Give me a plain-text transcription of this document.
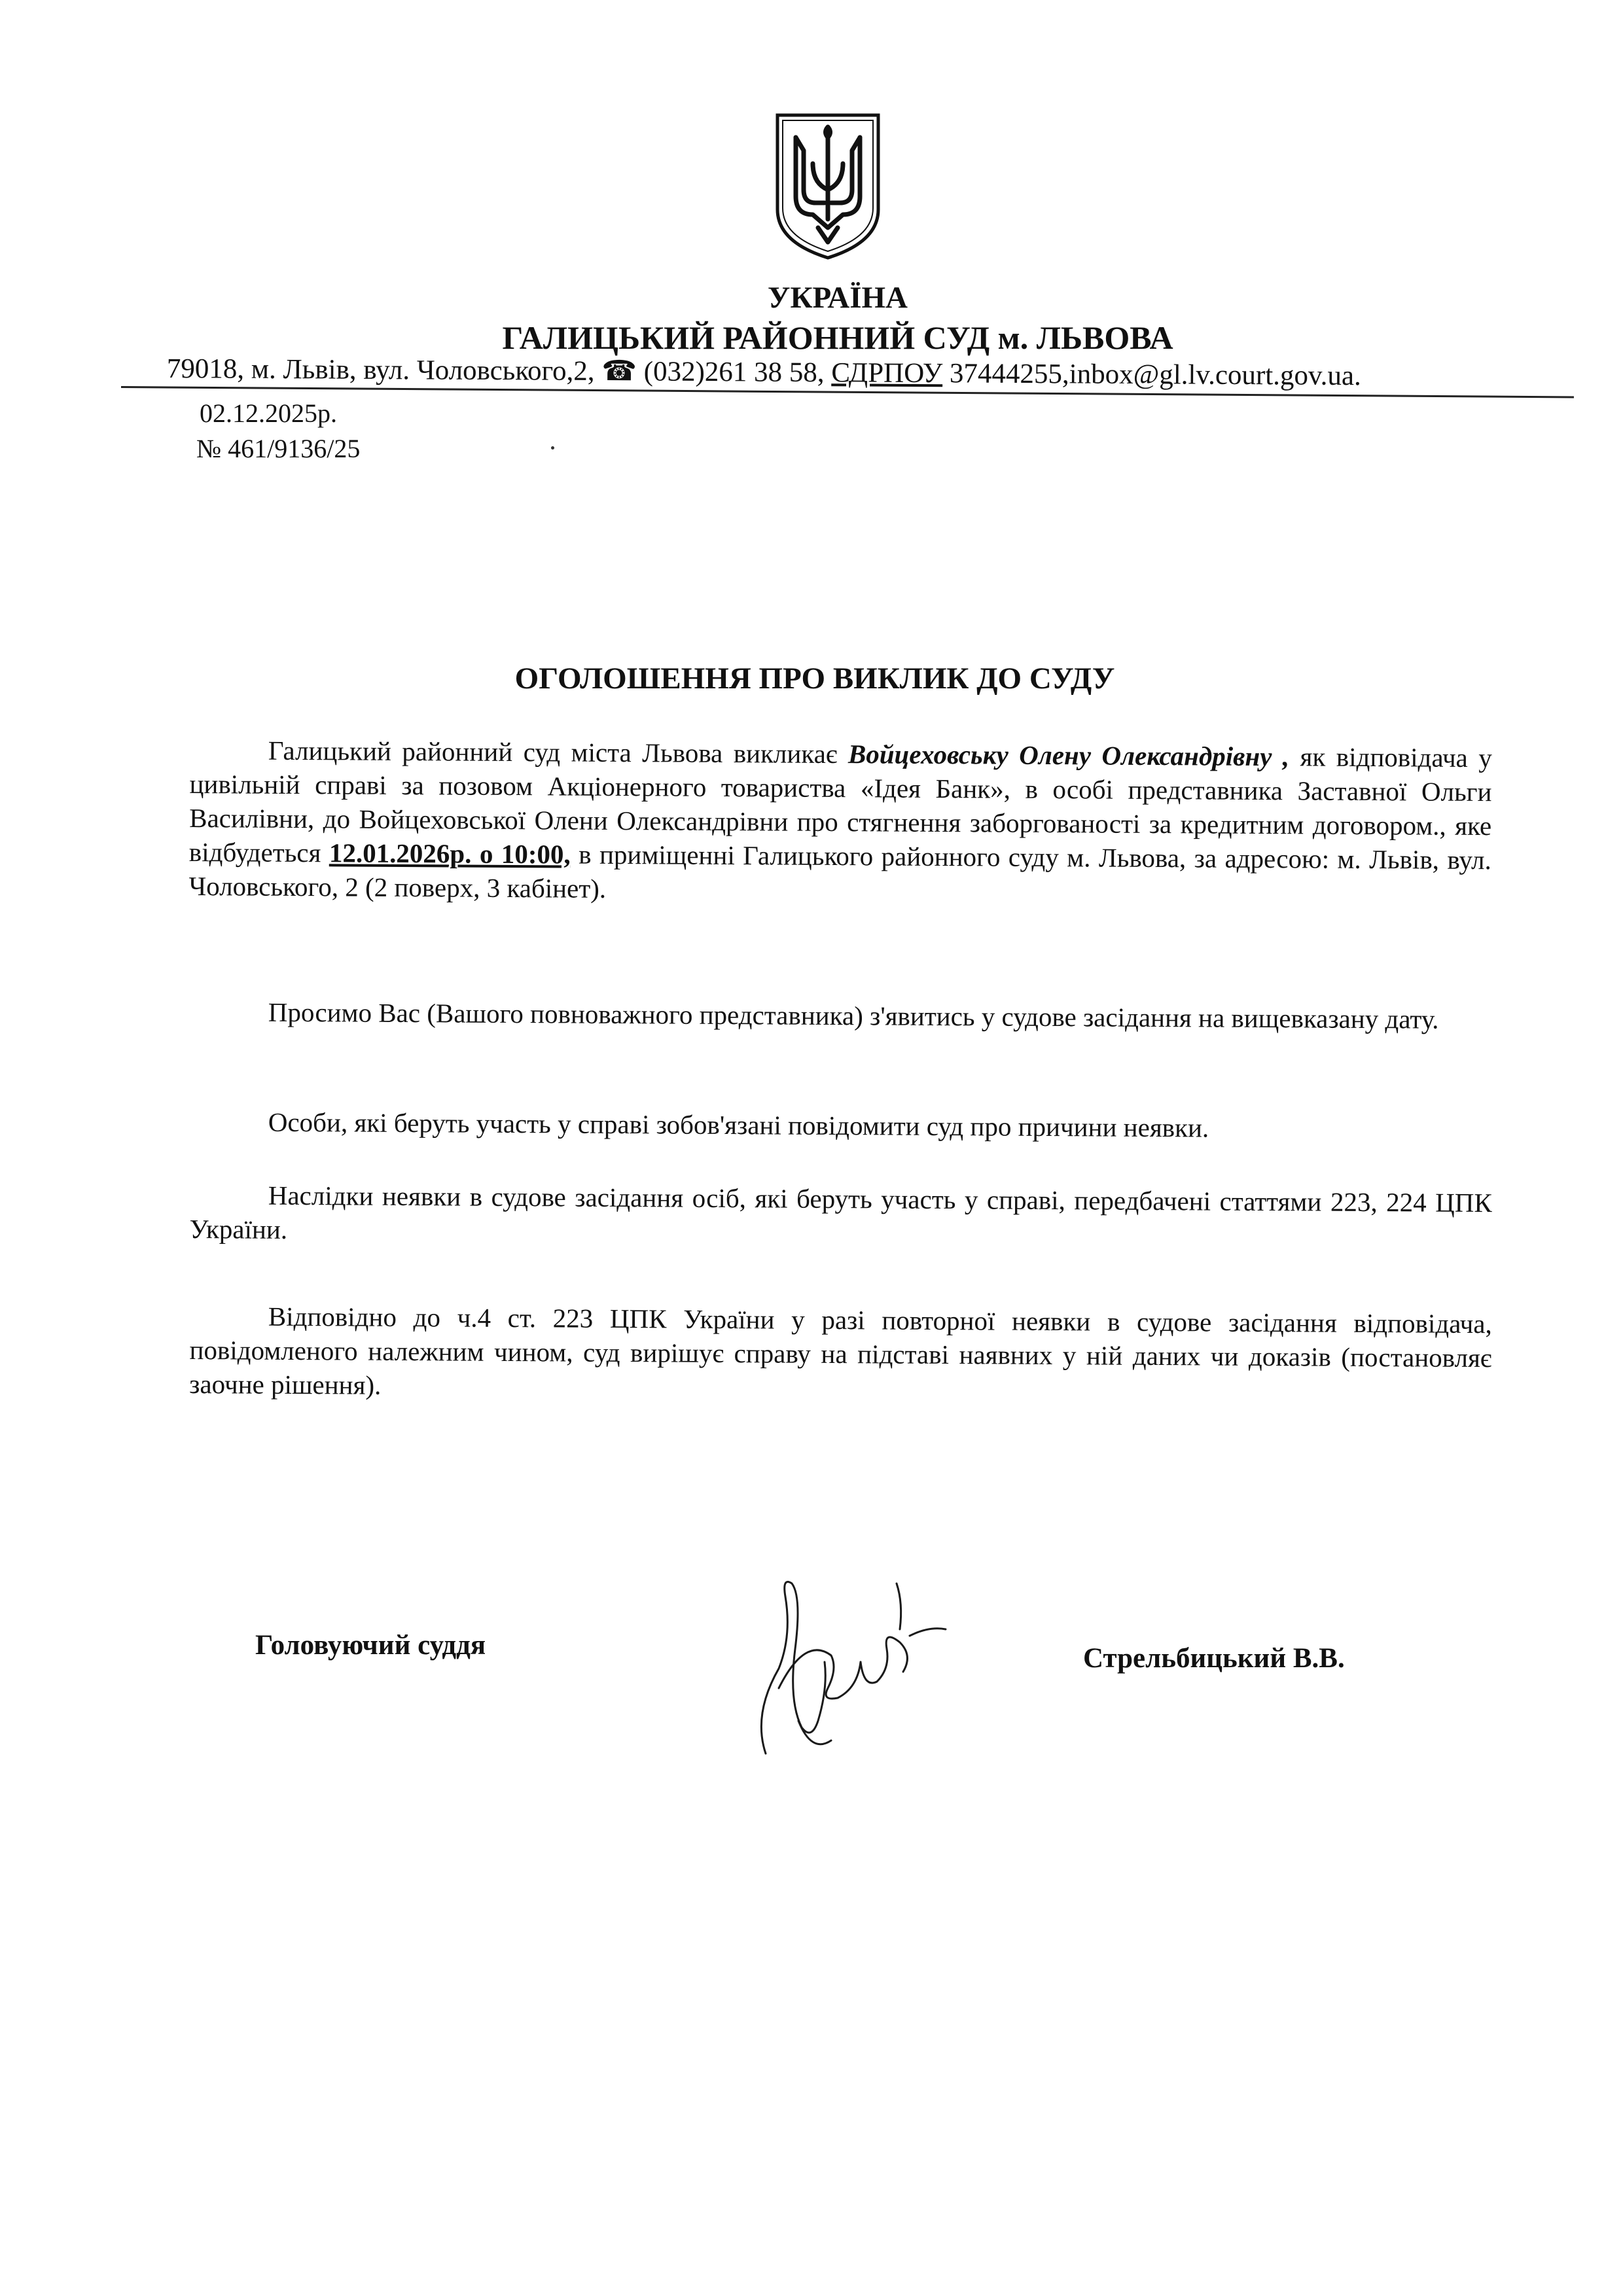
УКРАЇНА
ГАЛИЦЬКИЙ РАЙОННИЙ СУД м. ЛЬВОВА
79018, м. Львів, вул. Чоловського,2, ☎ (032)261 38 58, СДРПОУ 37444255,inbox@gl.lv.court.gov.ua.
02.12.2025р.
№ 461/9136/25
ОГОЛОШЕННЯ ПРО ВИКЛИК ДО СУДУ
Галицький районний суд міста Львова викликає Войцеховську Олену Олександрівну , як відповідача у цивільній справі за позовом Акціонерного товариства «Ідея Банк», в особі представника Заставної Ольги Василівни, до Войцеховської Олени Олександрівни про стягнення заборгованості за кредитним договором., яке відбудеться 12.01.2026р. о 10:00, в приміщенні Галицького районного суду м. Львова, за адресою: м. Львів, вул. Чоловського, 2 (2 поверх, 3 кабінет).
Просимо Вас (Вашого повноважного представника) з'явитись у судове засідання на вищевказану дату.
Особи, які беруть участь у справі зобов'язані повідомити суд про причини неявки.
Наслідки неявки в судове засідання осіб, які беруть участь у справі, передбачені статтями 223, 224 ЦПК України.
Відповідно до ч.4 ст. 223 ЦПК України у разі повторної неявки в судове засідання відповідача, повідомленого належним чином, суд вирішує справу на підставі наявних у ній даних чи доказів (постановляє заочне рішення).
Головуючий суддя	Стрельбицький В.В.
